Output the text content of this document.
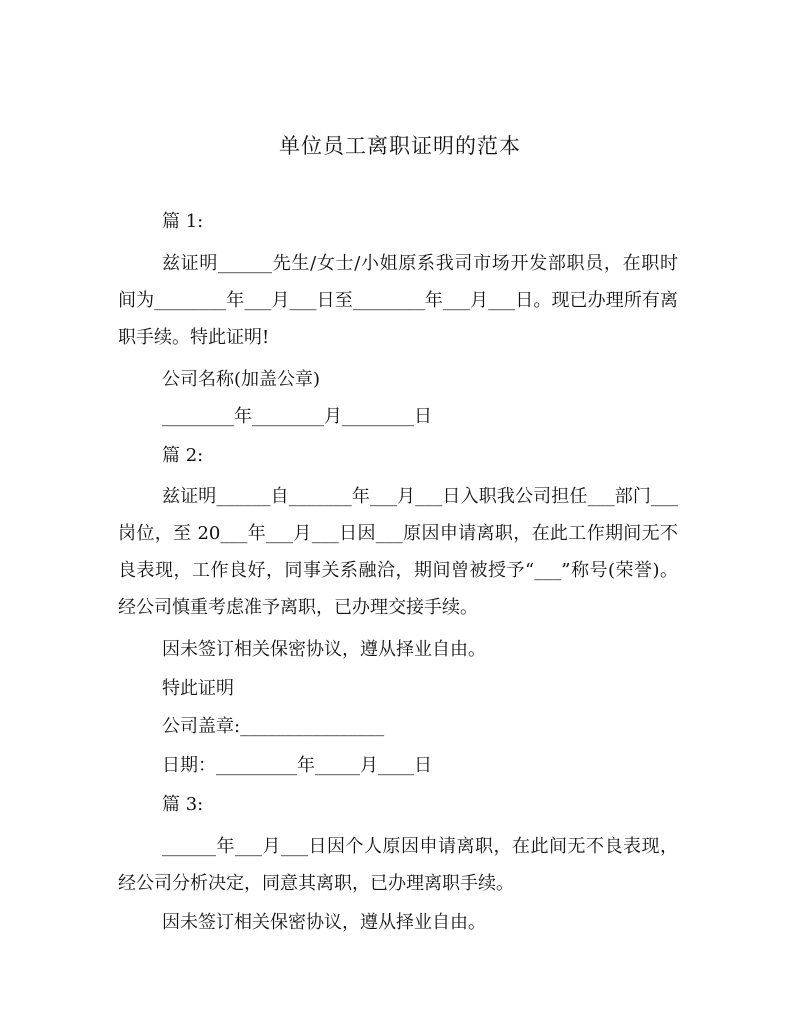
单位员工离职证明的范本

篇 1:

兹证明______先生/女士/小姐原系我司市场开发部职员，在职时间为________年___月___日至________年___月___日。现已办理所有离职手续。特此证明!

公司名称(加盖公章)

________年________月________日

篇 2:

兹证明______自_______年___月___日入职我公司担任___部门___岗位，至 20___年___月___日因___原因申请离职，在此工作期间无不良表现，工作良好，同事关系融洽，期间曾被授予“___”称号(荣誉)。经公司慎重考虑准予离职，已办理交接手续。

因未签订相关保密协议，遵从择业自由。

特此证明

公司盖章:________________

日期：_________年_____月____日

篇 3:

______年___月___日因个人原因申请离职，在此间无不良表现，经公司分析决定，同意其离职，已办理离职手续。

因未签订相关保密协议，遵从择业自由。
